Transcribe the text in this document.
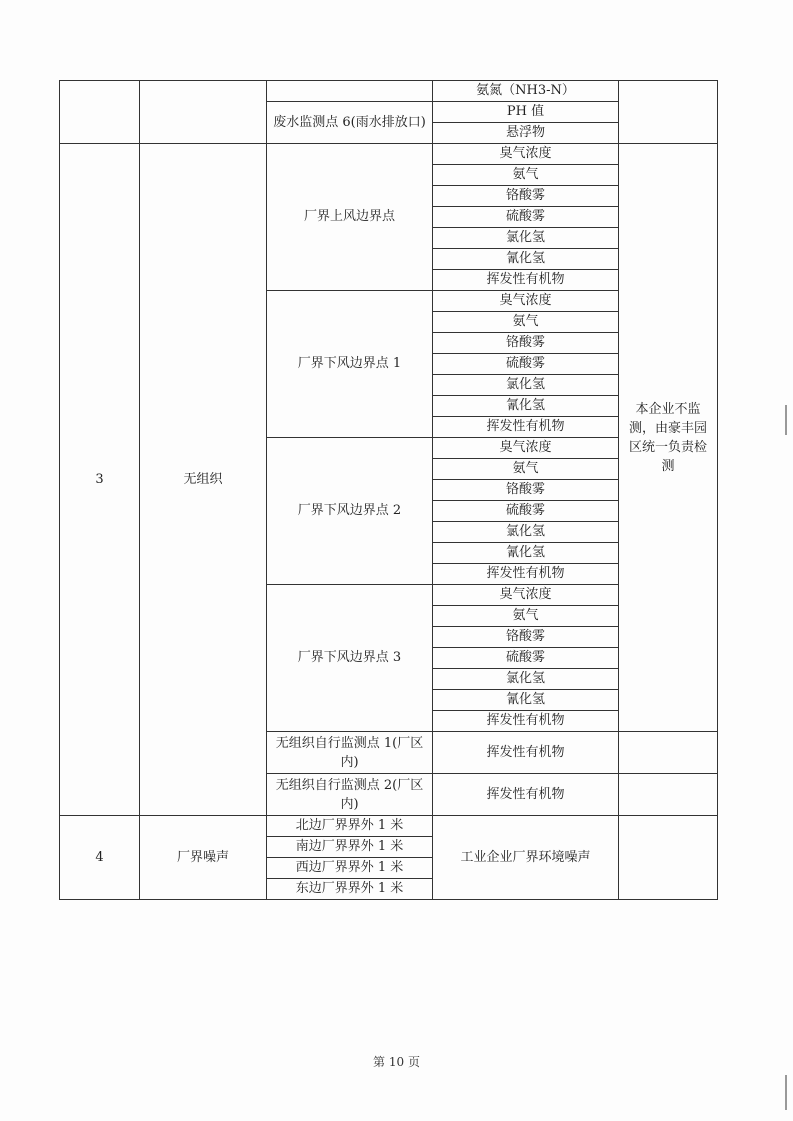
			氨氮（NH3-N）	
		废水监测点 6(雨水排放口)	PH 值	
			悬浮物	
3	无组织	厂界上风边界点	臭气浓度	本企业不监测，由豪丰园区统一负责检测
			氨气	
			铬酸雾	
			硫酸雾	
			氯化氢	
			氰化氢	
			挥发性有机物	
		厂界下风边界点 1	臭气浓度	
			氨气	
			铬酸雾	
			硫酸雾	
			氯化氢	
			氰化氢	
			挥发性有机物	
		厂界下风边界点 2	臭气浓度	
			氨气	
			铬酸雾	
			硫酸雾	
			氯化氢	
			氰化氢	
			挥发性有机物	
		厂界下风边界点 3	臭气浓度	
			氨气	
			铬酸雾	
			硫酸雾	
			氯化氢	
			氰化氢	
			挥发性有机物	
		无组织自行监测点 1(厂区内)	挥发性有机物	
		无组织自行监测点 2(厂区内)	挥发性有机物	
4	厂界噪声	北边厂界界外 1 米	工业企业厂界环境噪声	
		南边厂界界外 1 米		
		西边厂界界外 1 米		
		东边厂界界外 1 米		
第 10 页
